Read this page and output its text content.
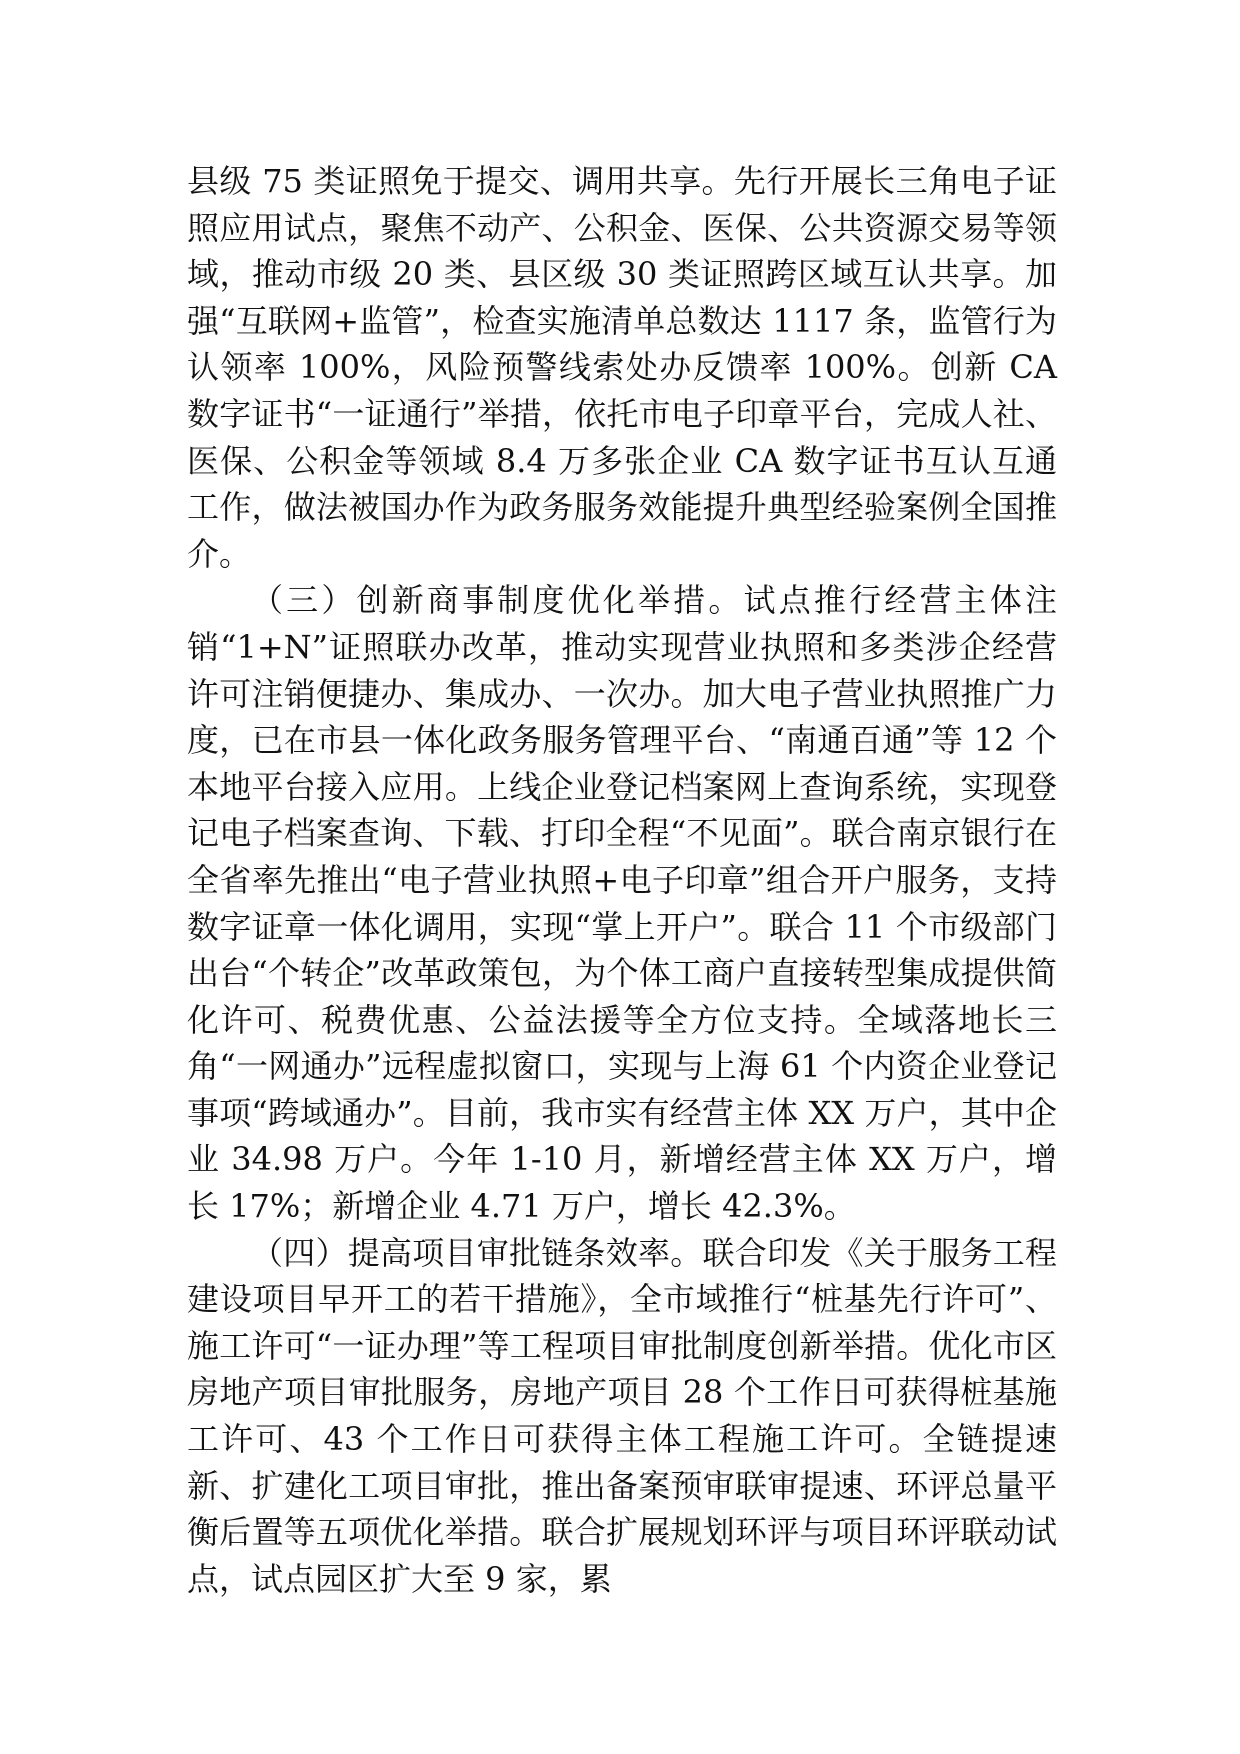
县级 75 类证照免于提交、调用共享。先行开展长三角电子证照应用试点，聚焦不动产、公积金、医保、公共资源交易等领域，推动市级 20 类、县区级 30 类证照跨区域互认共享。加强“互联网+监管”，检查实施清单总数达 1117 条，监管行为认领率 100%，风险预警线索处办反馈率 100%。创新 CA 数字证书“一证通行”举措，依托市电子印章平台，完成人社、医保、公积金等领域 8.4 万多张企业 CA 数字证书互认互通工作，做法被国办作为政务服务效能提升典型经验案例全国推介。

（三）创新商事制度优化举措。试点推行经营主体注销“1+N”证照联办改革，推动实现营业执照和多类涉企经营许可注销便捷办、集成办、一次办。加大电子营业执照推广力度，已在市县一体化政务服务管理平台、“南通百通”等 12 个本地平台接入应用。上线企业登记档案网上查询系统，实现登记电子档案查询、下载、打印全程“不见面”。联合南京银行在全省率先推出“电子营业执照+电子印章”组合开户服务，支持数字证章一体化调用，实现“掌上开户”。联合 11 个市级部门出台“个转企”改革政策包，为个体工商户直接转型集成提供简化许可、税费优惠、公益法援等全方位支持。全域落地长三角“一网通办”远程虚拟窗口，实现与上海 61 个内资企业登记事项“跨域通办”。目前，我市实有经营主体 XX 万户，其中企业 34.98 万户。今年 1-10 月，新增经营主体 XX 万户，增长 17%；新增企业 4.71 万户，增长 42.3%。

（四）提高项目审批链条效率。联合印发《关于服务工程建设项目早开工的若干措施》，全市域推行“桩基先行许可”、施工许可“一证办理”等工程项目审批制度创新举措。优化市区房地产项目审批服务，房地产项目 28 个工作日可获得桩基施工许可、43 个工作日可获得主体工程施工许可。全链提速新、扩建化工项目审批，推出备案预审联审提速、环评总量平衡后置等五项优化举措。联合扩展规划环评与项目环评联动试点，试点园区扩大至 9 家，累
